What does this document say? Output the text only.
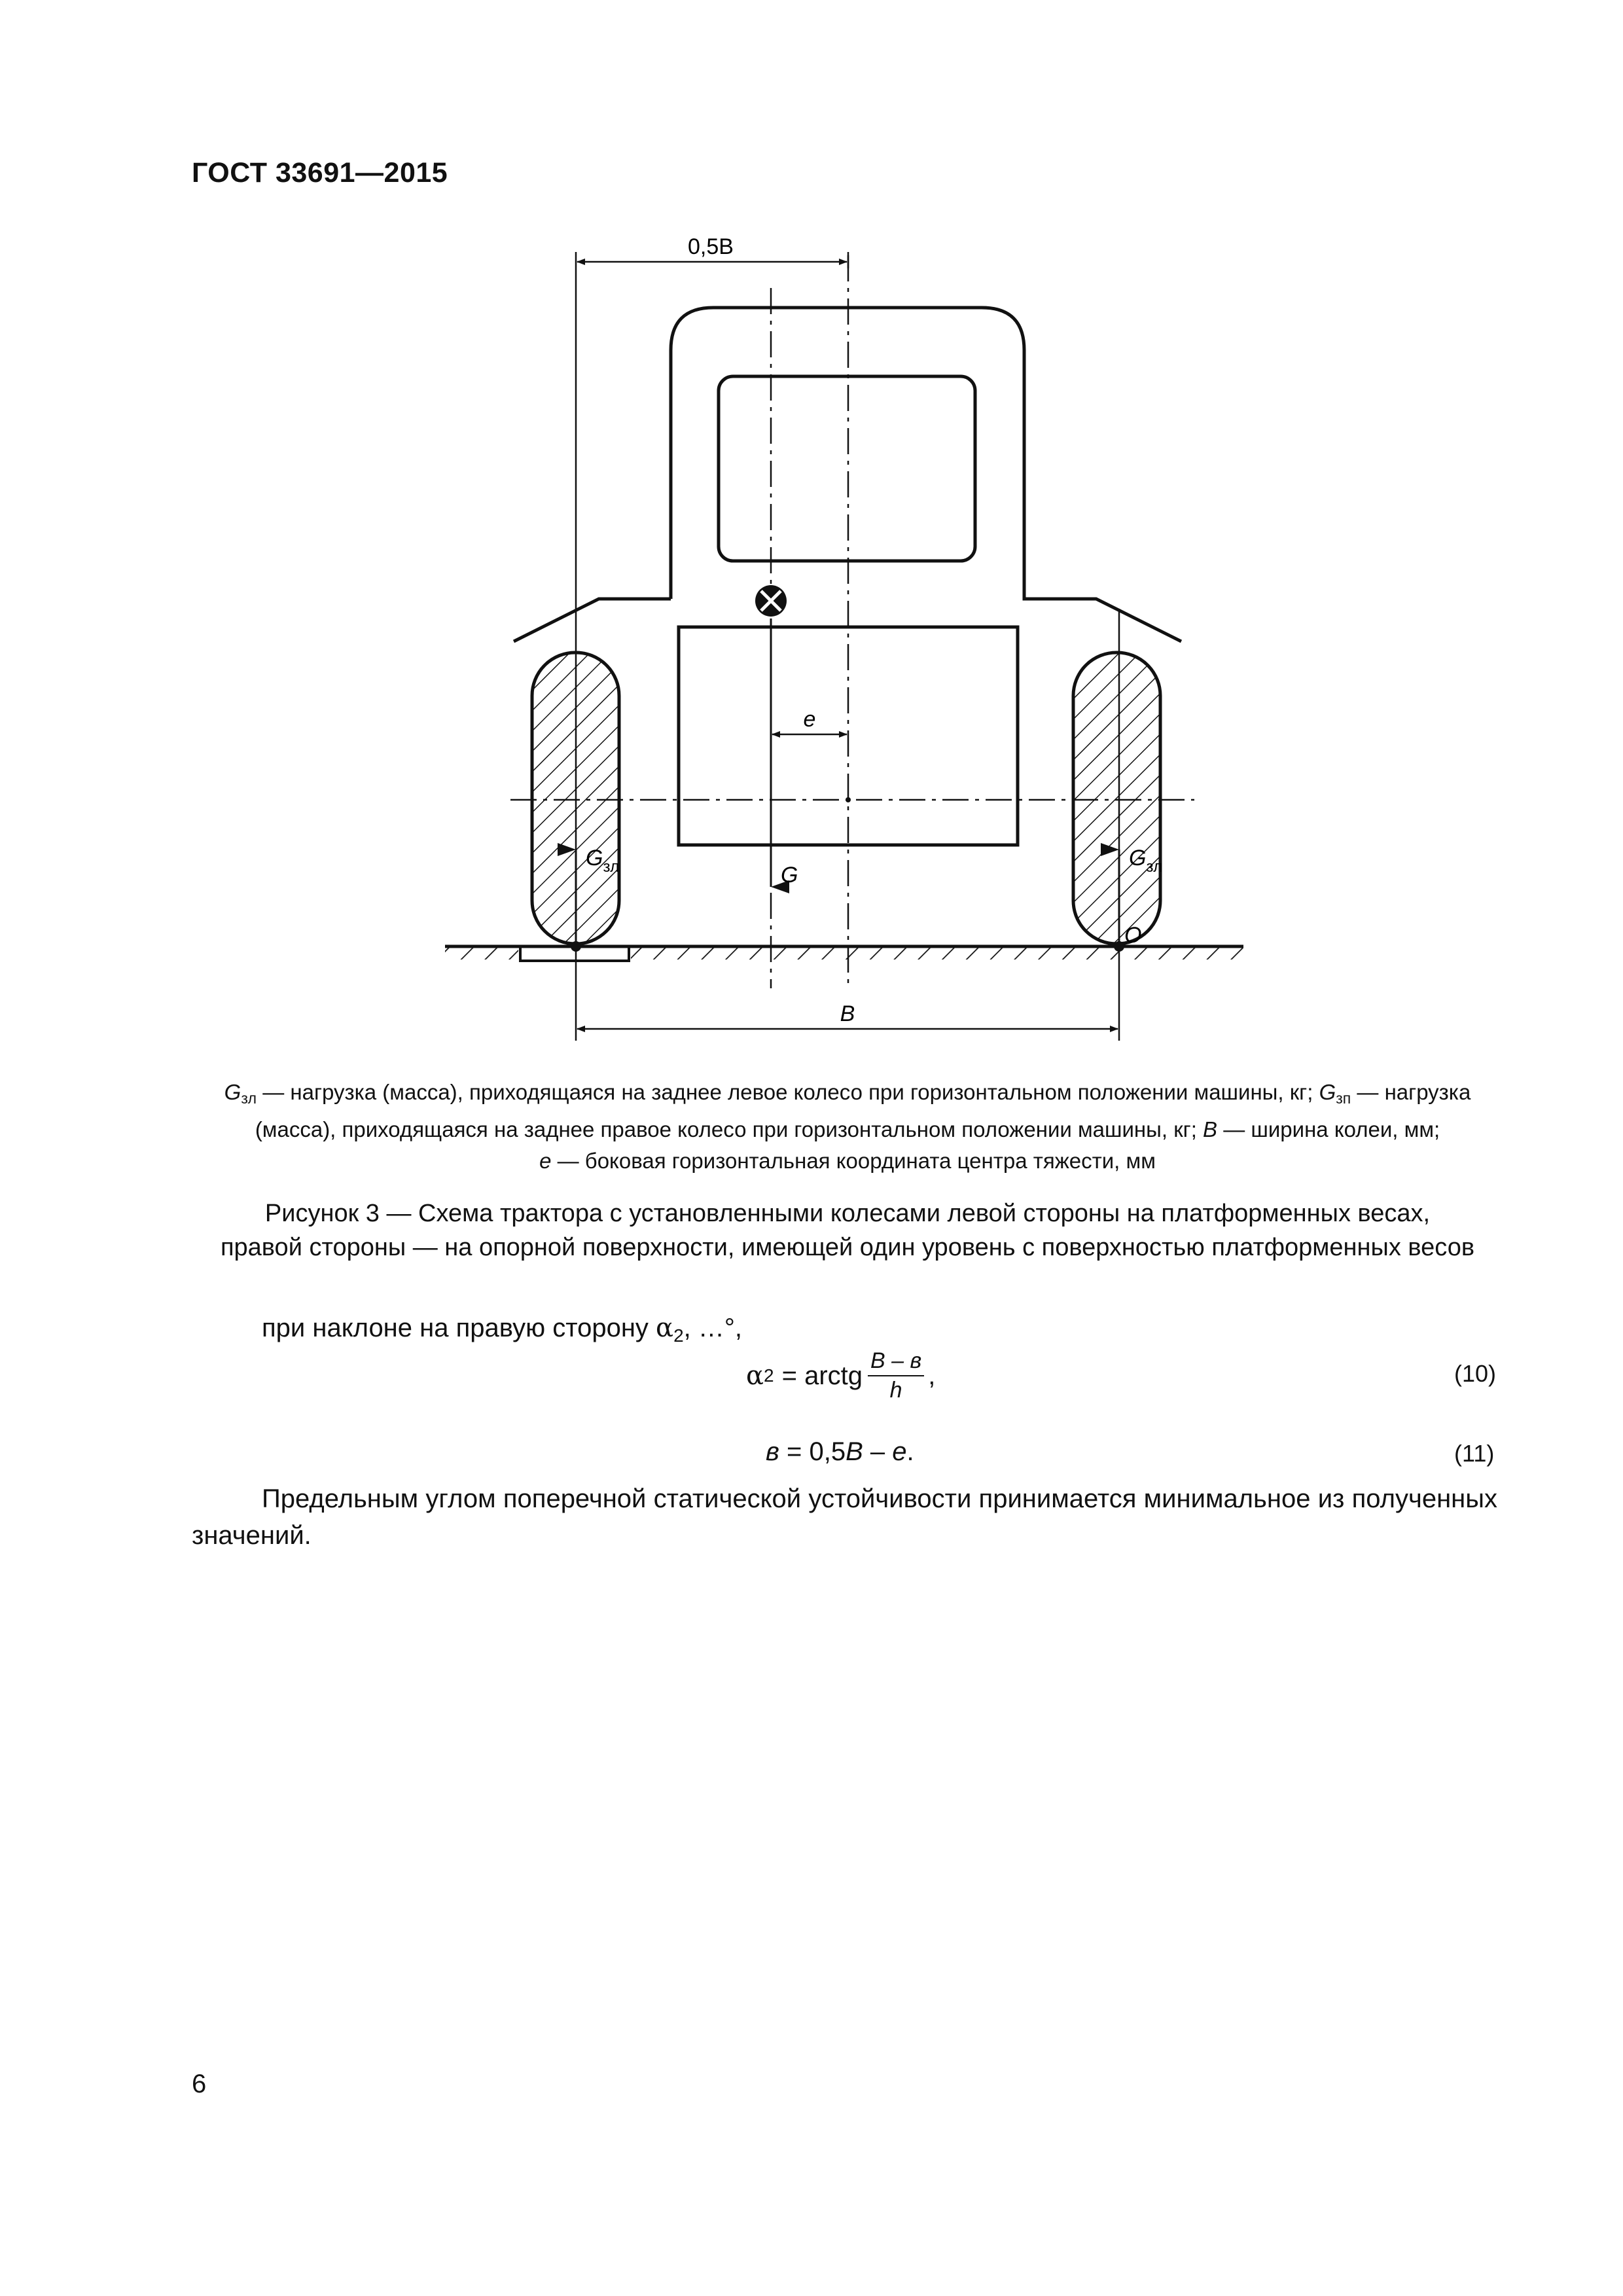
ГОСТ 33691—2015
0,5B
e
B
G
$G_{зл}$	$G_{зл}$
O
$G_{зл}$ — нагрузка (масса), приходящаяся на заднее левое колесо при горизонтальном положении машины, кг; $G_{зп}$ — нагрузка (масса), приходящаяся на заднее правое колесо при горизонтальном положении машины, кг; B — ширина колеи, мм;
e — боковая горизонтальная координата центра тяжести, мм
Рисунок 3 — Схема трактора с установленными колесами левой стороны на платформенных весах,
правой стороны — на опорной поверхности, имеющей один уровень с поверхностью платформенных весов
при наклоне на правую сторону $\alpha_2$, …°,
α 2 = arctg $\frac{B - в}{h}$ ,	(10)
в = 0,5B – e.	(11)
Предельным углом поперечной статической устойчивости принимается минимальное из полученных значений.
6
